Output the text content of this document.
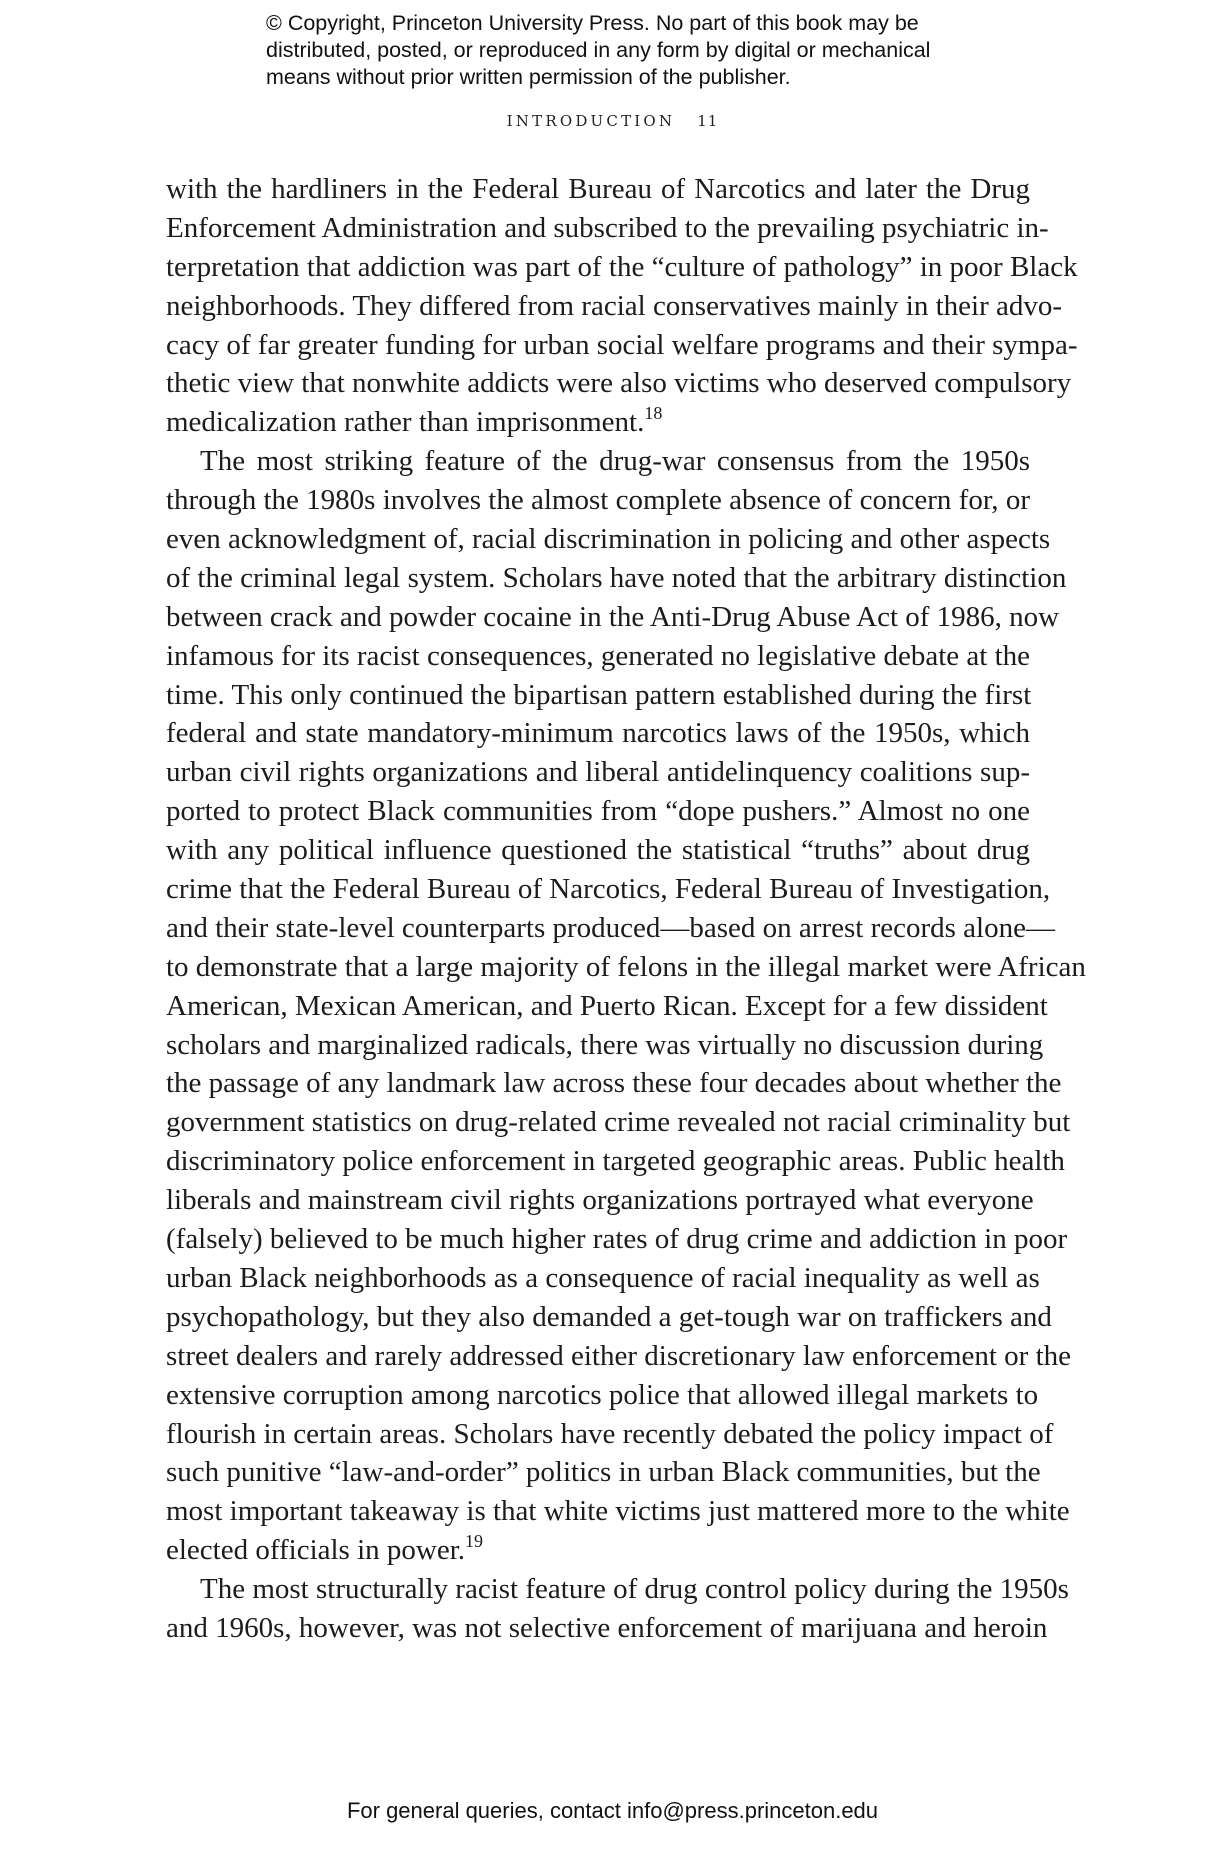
© Copyright, Princeton University Press. No part of this book may be
distributed, posted, or reproduced in any form by digital or mechanical
means without prior written permission of the publisher.
INTRODUCTION 11
with the hardliners in the Federal Bureau of Narcotics and later the Drug
Enforcement Administration and subscribed to the prevailing psychiatric in-
terpretation that addiction was part of the “culture of pathology” in poor Black
neighborhoods. They differed from racial conservatives mainly in their advo-
cacy of far greater funding for urban social welfare programs and their sympa-
thetic view that nonwhite addicts were also victims who deserved compulsory
medicalization rather than imprisonment.$^{18}$
The most striking feature of the drug-war consensus from the 1950s
through the 1980s involves the almost complete absence of concern for, or
even acknowledgment of, racial discrimination in policing and other aspects
of the criminal legal system. Scholars have noted that the arbitrary distinction
between crack and powder cocaine in the Anti-Drug Abuse Act of 1986, now
infamous for its racist consequences, generated no legislative debate at the
time. This only continued the bipartisan pattern established during the first
federal and state mandatory-minimum narcotics laws of the 1950s, which
urban civil rights organizations and liberal antidelinquency coalitions sup-
ported to protect Black communities from “dope pushers.” Almost no one
with any political influence questioned the statistical “truths” about drug
crime that the Federal Bureau of Narcotics, Federal Bureau of Investigation,
and their state-level counterparts produced—based on arrest records alone—
to demonstrate that a large majority of felons in the illegal market were African
American, Mexican American, and Puerto Rican. Except for a few dissident
scholars and marginalized radicals, there was virtually no discussion during
the passage of any landmark law across these four decades about whether the
government statistics on drug-related crime revealed not racial criminality but
discriminatory police enforcement in targeted geographic areas. Public health
liberals and mainstream civil rights organizations portrayed what everyone
(falsely) believed to be much higher rates of drug crime and addiction in poor
urban Black neighborhoods as a consequence of racial inequality as well as
psychopathology, but they also demanded a get-tough war on traffickers and
street dealers and rarely addressed either discretionary law enforcement or the
extensive corruption among narcotics police that allowed illegal markets to
flourish in certain areas. Scholars have recently debated the policy impact of
such punitive “law-and-order” politics in urban Black communities, but the
most important takeaway is that white victims just mattered more to the white
elected officials in power.$^{19}$
The most structurally racist feature of drug control policy during the 1950s
and 1960s, however, was not selective enforcement of marijuana and heroin
For general queries, contact info@press.princeton.edu
